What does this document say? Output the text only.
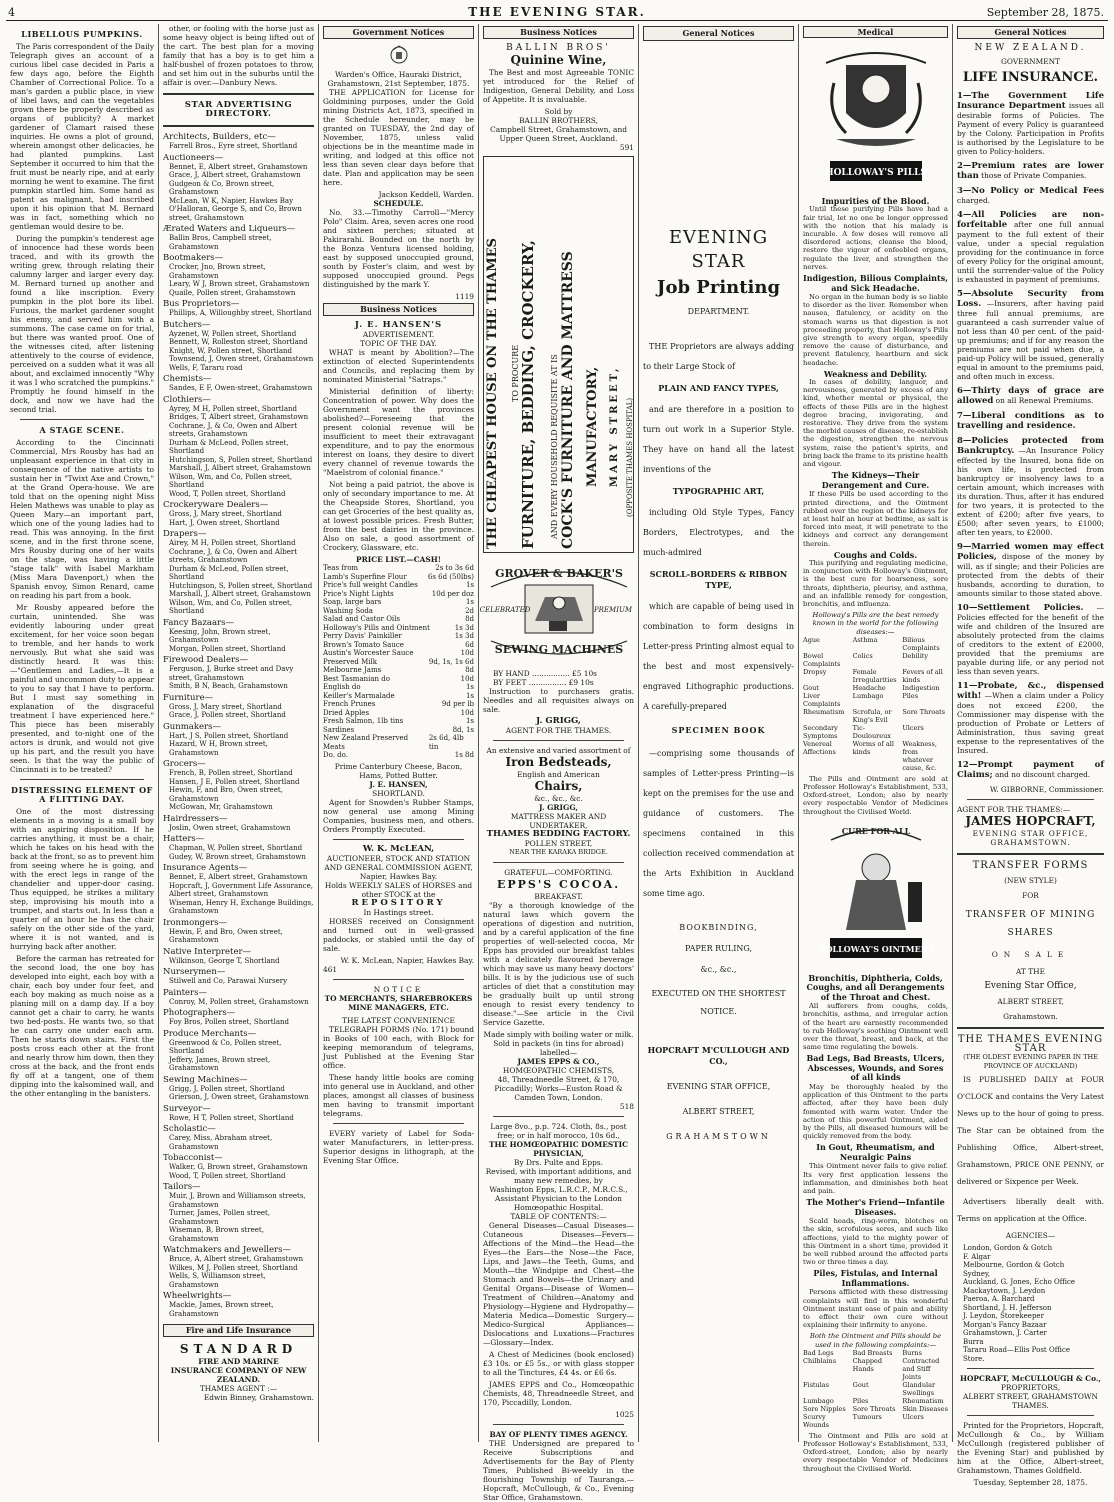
4	THE EVENING STAR.	September 28, 1875.
LIBELLOUS PUMPKINS.

The Paris correspondent of the Daily Telegraph gives an account of a curious libel case decided in Paris a few days ago, before the Eighth Chamber of Correctional Police. To a man's garden a public place, in view of libel laws, and can the vegetables grown there be properly described as organs of publicity? A market gardener of Clamart raised these inquiries. He owns a plot of ground, wherein amongst other delicacies, he had planted pumpkins. Last September it occurred to him that the fruit must be nearly ripe, and at early morning he went to examine. The first pumpkin startled him. Some hand as patent as malignant, had inscribed upon it his opinion that M. Bernard was in fact, something which no gentleman would desire to be.

During the pumpkin's tenderest age of innocence had these words been traced, and with its growth the writing grew, through relating their calumny larger and larger every day. M. Bernard turned up another and found a like inscription. Every pumpkin in the plot bore its libel. Furious, the market gardener sought his enemy, and served him with a summons. The case came on for trial, but there was wanted proof. One of the witnesses cited, after listening attentively to the course of evidence, perceived on a sudden what it was all about, and exclaimed innocently "Why it was I who scratched the pumpkins." Promptly he found himself in the dock, and now we have had the second trial.

A STAGE SCENE.

According to the Cincinnati Commercial, Mrs Rousby has had an unpleasant experience in that city in consequence of the native artists to sustain her in "Twixt Axe and Crown," at the Grand Opera-house. We are told that on the opening night Miss Helen Mathews was unable to play as Queen Mary—an important part, which one of the young ladies had to read. This was annoying. In the first scene, and in the first throne scene, Mrs Rousby during one of her waits on the stage, was having a little "stage talk" with Isabel Markham (Miss Mara Davenport,) when the Spanish envoy, Simon Renard, came on reading his part from a book.

Mr Rousby appeared before the curtain, unintended. She was evidently labouring under great excitement, for her voice soon began to tremble, and her hands to work nervously. But what she said was distinctly heard. It was this:—"Gentlemen and Ladies,—It is a painful and uncommon duty to appear to you to say that I have to perform. But I must say something in explanation of the disgraceful treatment I have experienced here." This piece has been miserably presented, and to-night one of the actors is drunk, and would not give up his part, and the result you have seen. Is that the way the public of Cincinnati is to be treated?

DISTRESSING ELEMENT OF A FLITTING DAY.

One of the most distressing elements in a moving is a small boy with an aspiring disposition. If he carries anything, it must be a chair, which he takes on his head with the back at the front, so as to prevent him from seeing where he is going, and with the erect legs in range of the chandelier and upper-door casing. Thus equipped, he strikes a military step, improvising his mouth into a trumpet, and starts out. In less than a quarter of an hour he has the chair safely on the other side of the yard, where it is not wanted, and is hurrying back after another.

Before the carman has retreated for the second load, the one boy has developed into eight, each boy with a chair, each boy under four feet, and each boy making as much noise as a planing mill on a damp day. If a boy cannot get a chair to carry, he wants two bed-posts. He wants two, so that he can carry one under each arm. Then he starts down stairs. First the posts cross each other at the front and nearly throw him down, then they cross at the back, and the front ends fly off at a tangent, one of them dipping into the kalsomined wall, and the other entangling in the banisters.

other, or fooling with the horse just as some heavy object is being lifted out of the cart. The best plan for a moving family that has a boy is to get him a half-bushel of frozen potatoes to throw, and set him out in the suburbs until the affair is over.—Danbury News.

STAR ADVERTISING DIRECTORY.
Architects, Builders, etc—
Farrell Bros., Eyre street, Shortland
Auctioneers—
Bennet, E, Albert street, Grahamstown
Grace, J, Albert street, Grahamstown
Gudgeon & Co, Brown street, Grahamstown
McLean, W K, Napier, Hawkes Bay
O'Halloran, George S, and Co, Brown street, Grahamstown
Ærated Waters and Liqueurs—
Ballin Bros, Campbell street, Grahamstown
Bootmakers—
Crocker, Jno, Brown street, Grahamstown
Leary, W J, Brown street, Grahamstown
Quaile, Pollen street, Grahamstown
Bus Proprietors—
Phillips, A, Willoughby street, Shortland
Butchers—
Ayzenet, W, Pollen street, Shortland
Bennett, W, Rolleston street, Shortland
Knight, W, Pollen street, Shortland
Townsend, J, Owen street, Grahamstown
Wells, F, Tararu road
Chemists—
Sandes, E F, Owen-street, Grahamstown
Clothiers—
Ayrey, M H, Pollen street, Shortland
Bridges, T, Albert street, Grahamstown
Cochrane, J, & Co, Owen and Albert streets, Grahamstown
Durham & McLeod, Pollen street, Shortland
Hutchingson, S, Pollen street, Shortland
Marshall, J, Albert street, Grahamstown
Wilson, Wm, and Co, Pollen street, Shortland
Wood, T, Pollen street, Shortland
Crockeryware Dealers—
Gross, J, Mary street, Shortland
Hart, J, Owen street, Shortland
Drapers—
Airey, M H, Pollen street, Shortland
Cochrane, J, & Co, Owen and Albert streets, Grahamstown
Durham & McLeod, Pollen street, Shortland
Hutchingson, S, Pollen street, Shortland
Marshall, J, Albert street, Grahamstown
Wilson, Wm, and Co, Pollen street, Shortland
Fancy Bazaars—
Keesing, John, Brown street, Grahamstown
Morgan, Pollen street, Shortland
Firewood Dealers—
Ferguson, J, Burke street and Davy street, Grahamstown
Smith, B N, Beach, Grahamstown
Furniture—
Gross, J, Mary street, Shortland
Grace, J, Pollen street, Shortland
Gunmakers—
Hart, J S, Pollen street, Shortland
Hazard, W H, Brown street, Grahamstown
Grocers—
French, B, Pollen street, Shortland
Hansen, J E, Pollen street, Shortland
Hewin, F, and Bro, Owen street, Grahamstown
McGowan, Mr, Grahamstown
Hairdressers—
Joslin, Owen street, Grahamstown
Hatters—
Chapman, W, Pollen street, Shortland
Gudey, W, Brown street, Grahamstown
Insurance Agents—
Bennet, E, Albert street, Grahamstown
Hopcraft, J, Government Life Assurance, Albert street, Grahamstown
Wiseman, Henry H, Exchange Buildings, Grahamstown
Ironmongers—
Hewin, F, and Bro, Owen street, Grahamstown
Native Interpreter—
Wilkinson, George T, Shortland
Nurserymen—
Stilwell and Co, Parawai Nursery
Painters—
Conroy, M, Pollen street, Grahamstown
Photographers—
Foy Bros, Pollen street, Shortland
Produce Merchants—
Greenwood & Co, Pollen street, Shortland
Jeffery, James, Brown street, Grahamstown
Sewing Machines—
Grigg, J, Pollen street, Shortland
Grierson, J, Owen street, Grahamstown
Surveyor—
Rowe, H T, Pollen street, Shortland
Scholastic—
Carey, Miss, Abraham street, Grahamstown
Tobacconist—
Walker, G, Brown street, Grahamstown
Wood, T, Pollen street, Shortland
Tailors—
Muir, J, Brown and Williamson streets, Grahamstown
Turner, James, Pollen street, Grahamstown
Wiseman, B, Brown street, Grahamstown
Watchmakers and Jewellers—
Bruce, A, Albert street, Grahamstown
Wilkes, M J, Pollen street, Shortland
Wells, S, Williamson street, Grahamstown
Wheelwrights—
Mackie, James, Brown street, Grahamstown
Fire and Life Insurance
STANDARD
FIRE AND MARINE
INSURANCE COMPANY OF NEW ZEALAND.
THAMES AGENT :—
Edwin Binney, Grahamstown.
Government Notices
Warden's Office, Hauraki District, Grahamstown, 21st September, 1875.

THE APPLICATION for License for Goldmining purposes, under the Gold mining Districts Act, 1873, specified in the Schedule hereunder, may be granted on TUESDAY, the 2nd day of November, 1875, unless valid objections be in the meantime made in writing, and lodged at this office not less than seven clear days before that date. Plan and application may be seen here.

Jackson Keddell, Warden.
SCHEDULE.

No. 33.—Timothy Carroll—"Mercy Polo" Claim. Area, seven acres one rood and sixteen perches; situated at Pakirarahi. Bounded on the north by the Bonza Ventura licensed holding, east by supposed unoccupied ground, south by Foster's claim, and west by supposed unoccupied ground. Pegs distinguished by the mark Y.

1119
Business Notices
J. E. HANSEN'S
ADVERTISEMENT.
TOPIC OF THE DAY.

WHAT is meant by Abolition?—The extinction of elected Superintendents and Councils, and replacing them by nominated Ministerial "Satraps."

Ministerial definition of liberty: Concentration of power. Why does the Government want the provinces abolished?—Foreseeing that the present colonial revenue will be insufficient to meet their extravagant expenditure, and to pay the enormous interest on loans, they desire to divert every channel of revenue towards the "Maelstrom of colonial finance."

Not being a paid patriot, the above is only of secondary importance to me. At the Cheapside Stores, Shortland, you can get Groceries of the best quality as, at lowest possible prices. Fresh Butter, from the best dairies in the province. Also on sale, a good assortment of Crockery, Glassware, etc.

PRICE LIST.—CASH!
Teas from	2s to 3s 6d
Lamb's Superfine Flour	6s 6d (50lbs)
Price's full weight Candles	1s
Price's Night Lights	10d per doz
Soap, large bars	1s
Washing Soda	2d
Salad and Castor Oils	8d
Holloway's Pills and Ointment	1s 3d
Perry Davis' Painkiller	1s 3d
Brown's Tomato Sauce	6d
Austin's Worcester Sauce	10d
Preserved Milk	9d, 1s, 1s 6d
Melbourne Jams	8d
Best Tasmanian do	10d
English do	1s
Keiller's Marmalade	1s
French Prunes	9d per lb
Dried Apples	10d
Fresh Salmon, 1lb tins	1s
Sardines	8d, 1s
New Zealand Preserved Meats
2s 6d, 4lb tin
Do. do.	1s 8d
Prime Canterbury Cheese, Bacon, Hams, Potted Butter.
J. E. HANSEN,
SHORTLAND.

Agent for Snowden's Rubber Stamps, now general use among Mining Companies, business men, and others. Orders Promptly Executed.

W. K. McLEAN,
AUCTIONEER, STOCK AND STATION AND GENERAL COMMISSION AGENT,
Napier, Hawkes Bay.
Holds WEEKLY SALES of HORSES and other STOCK at the
REPOSITORY
In Hastings street.

HORSES received on Consignment and turned out in well-grassed paddocks, or stabled until the day of sale.

W. K. McLean, Napier, Hawkes Bay.
461
NOTICE
TO MERCHANTS, SHAREBROKERS MINE MANAGERS, ETC.
THE LATEST CONVENIENCE

TELEGRAPH FORMS (No. 171) bound in Books of 100 each, with Block for keeping memorandum of telegrams, Just Published at the Evening Star office.

These handy little books are coming into general use in Auckland, and other places, amongst all classes of business men having to transmit important telegrams.

EVERY variety of Label for Soda-water Manufacturers, in letter-press. Superior designs in lithograph, at the Evening Star Office.

Business Notices
BALLIN BROS'
Quinine Wine,

The Best and most Agreeable TONIC yet introduced for the Relief of Indigestion, General Debility, and Loss of Appetite. It is invaluable.

Sold by
BALLIN BROTHERS,
Campbell Street, Grahamstown, and
Upper Queen Street, Auckland.
591
THE CHEAPEST HOUSE ON THE THAMES TO PROCURE FURNITURE, BEDDING, CROCKERY, AND EVERY HOUSEHOLD REQUISITE AT IS COCK'S FURNITURE AND MATTRESS MANUFACTORY, MARY STREET, (OPPOSITE THAMES HOSPITAL)
GROVER & BAKER'S
CELEBRATED	PREMIUM
SEWING MACHINES
BY HAND ................ £5 10s
BY FEET ................ £9 10s

Instruction to purchasers gratis. Needles and all requisites always on sale.

J. GRIGG,
AGENT FOR THE THAMES.
An extensive and varied assortment of
Iron Bedsteads,
English and American
Chairs,
&c., &c., &c.
J. GRIGG,
MATTRESS MAKER AND UNDERTAKER,
THAMES BEDDING FACTORY.
POLLEN STREET,
NEAR THE KARAKA BRIDGE.
GRATEFUL—COMFORTING.
EPPS'S COCOA.
BREAKFAST.

"By a thorough knowledge of the natural laws which govern the operations of digestion and nutrition, and by a careful application of the fine properties of well-selected cocoa, Mr Epps has provided our breakfast tables with a delicately flavoured beverage which may save us many heavy doctors' bills. It is by the judicious use of such articles of diet that a constitution may be gradually built up until strong enough to resist every tendency to disease."—See article in the Civil Service Gazette.

Made simply with boiling water or milk.
Sold in packets (in tins for abroad) labelled—
JAMES EPPS & CO.,
HOMŒOPATHIC CHEMISTS,
48, Threadneedle Street, & 170, Piccadilly; Works—Euston Road & Camden Town, London.
518
Large 8vo., p.p. 724. Cloth, 8s., post free; or in half morocco, 10s 6d.,
THE HOMŒOPATHIC DOMESTIC PHYSICIAN,
By Drs. Pulte and Epps.
Revised, with important additions, and many new remedies, by
Washington Epps, L.R.C.P., M.R.C.S.,
Assistant Physician to the London Homœopathic Hospital.
TABLE OF CONTENTS:—

General Diseases—Casual Diseases—Cutaneous Diseases—Fevers—Affections of the Mind—the Head—the Eyes—the Ears—the Nose—the Face, Lips, and Jaws—the Teeth, Gums, and Mouth—the Windpipe and Chest—the Stomach and Bowels—the Urinary and Genital Organs—Disease of Women—Treatment of Children—Anatomy and Physiology—Hygiene and Hydropathy—Materia Medica—Domestic Surgery—Medico-Surgical Appliances—Dislocations and Luxations—Fractures—Glossary—Index.

A Chest of Medicines (book enclosed) £3 10s. or £5 5s., or with glass stopper to all the Tinctures, £4 4s. or £6 6s.

JAMES EPPS and Co., Homœopathic Chemists, 48, Threadneedle Street, and 170, Piccadilly, London.

1025
BAY OF PLENTY TIMES AGENCY.

THE Undersigned are prepared to Receive Subscriptions and Advertisements for the Bay of Plenty Times, Published Bi-weekly in the flourishing Township of Tauranga.—Hopcraft, McCullough, & Co., Evening Star Office, Grahamstown.

General Notices
EVENING STAR
Job Printing
DEPARTMENT.

THE Proprietors are always adding to their Large Stock of

PLAIN AND FANCY TYPES,

and are therefore in a position to turn out work in a Superior Style. They have on hand all the latest inventions of the

TYPOGRAPHIC ART,

including Old Style Types, Fancy Borders, Electrotypes, and the much-admired

SCROLL-BORDERS & RIBBON TYPE,

which are capable of being used in combination to form designs in Letter-press Printing almost equal to the best and most expensively-engraved Lithographic productions. A carefully-prepared

SPECIMEN BOOK

—comprising some thousands of samples of Letter-press Printing—is kept on the premises for the use and guidance of customers. The specimens contained in this collection received commendation at the Arts Exhibition in Auckland some time ago.

BOOKBINDING,
PAPER RULING,
&c., &c.,
EXECUTED ON THE SHORTEST NOTICE.
HOPCRAFT M'CULLOUGH AND CO.,
EVENING STAR OFFICE,
ALBERT STREET,
GRAHAMSTOWN
Medical
HOLLOWAY'S PILLS
Impurities of the Blood.

Until these purifying Pills have had a fair trial, let no one be longer oppressed with the notion that his malady is incurable. A few doses will remove all disordered actions, cleanse the blood, restore the vigour of enfeebled organs, regulate the liver, and strengthen the nerves.

Indigestion, Bilious Complaints, and Sick Headache.

No organ in the human body is so liable to disorder as the liver. Remember when nausea, flatulency, or acidity on the stomach warns us that digestion is not proceeding properly, that Holloway's Pills give strength to every organ, speedily remove the cause of disturbance, and prevent flatulency, heartburn and sick headache.

Weakness and Debility.

In cases of debility, languor, and nervousness, generated by excess of any kind, whether mental or physical, the effects of these Pills are in the highest degree bracing, invigorating, and restorative. They drive from the system the morbid causes of disease, re-establish the digestion, strengthen the nervous system, raise the patient's spirits, and bring back the frame to its pristine health and vigour.

The Kidneys—Their Derangement and Cure.

If these Pills be used according to the printed directions, and the Ointment rubbed over the region of the kidneys for at least half an hour at bedtime, as salt is forced into meat, it will penetrate to the kidneys and correct any derangement therein.

Coughs and Colds.

This purifying and regulating medicine, in conjunction with Holloway's Ointment, is the best cure for hoarseness, sore throats, diphtheria, pleurisy, and asthma, and an infallible remedy for congestion, bronchitis, and influenza.

Holloway's Pills are the best remedy known in the world for the following diseases:—
Ague	Asthma	Bilious Complaints
Bowel Complaints
Colics	Debility
Dropsy	Female Irregularities
Fevers of all kinds
Gout	Headache	Indigestion
Liver Complaints
Lumbago	Piles
Rheumatism	Scrofula, or King's Evil
Sore Throats
Secondary Symptoms
Tic-Douloureux
Ulcers
Venereal Affections
Worms of all kinds
Weakness, from whatever cause, &c.

The Pills and Ointment are sold at Professor Holloway's Establishment, 533, Oxford-street, London; also by nearly every respectable Vendor of Medicines throughout the Civilised World.

CURE FOR ALL
HOLLOWAY'S OINTMENT
Bronchitis, Diphtheria, Colds, Coughs, and all Derangements of the Throat and Chest.

All sufferers from coughs, colds, bronchitis, asthma, and irregular action of the heart are earnestly recommended to rub Holloway's soothing Ointment well over the throat, breast, and back, at the same time regulating the bowels.

Bad Legs, Bad Breasts, Ulcers, Abscesses, Wounds, and Sores of all kinds

May be thoroughly healed by the application of this Ointment to the parts affected, after they have been duly fomented with warm water. Under the action of this powerful Ointment, aided by the Pills, all diseased humours will be quickly removed from the body.

In Gout, Rheumatism, and Neuralgic Pains

This Ointment never fails to give relief. Its very first application lessens the inflammation, and diminishes both heat and pain.

The Mother's Friend—Infantile Diseases.

Scald heads, ring-worm, blotches on the skin, scrofulous sores, and such like affections, yield to the mighty power of this Ointment in a short time, provided it be well rubbed around the affected parts two or three times a day.

Piles, Fistulas, and Internal Inflammations.

Persons afflicted with these distressing complaints will find in this wonderful Ointment instant ease of pain and ability to effect their own cure without explaining their infirmity to anyone.

Both the Ointment and Pills should be used in the following complaints:—
Bad Legs	Bad Breasts	Burns
Chilblains	Chapped Hands
Contracted and Stiff Joints
Fistulas	Gout	Glandular Swellings
Lumbago	Piles	Rheumatism
Sore Nipples	Sore Throats	Skin Diseases
Scurvy	Tumours	Ulcers
Wounds

The Ointment and Pills are sold at Professor Holloway's Establishment, 533, Oxford-street, London; also by nearly every respectable Vendor of Medicines throughout the Civilised World.

General Notices
NEW ZEALAND.
GOVERNMENT
LIFE INSURANCE.
1—The Government Life Insurance Department issues all desirable forms of Policies. The Payment of every Policy is guaranteed by the Colony. Participation in Profits is authorised by the Legislature to be given to Policy-holders.
2—Premium rates are lower than those of Private Companies.
3—No Policy or Medical Fees charged.
4—All Policies are non-forfeitable after one full annual payment to the full extent of their value, under a special regulation providing for the continuance in force of every Policy for the original amount, until the surrender-value of the Policy is exhausted in payment of premiums.
5—Absolute Security from Loss. —Insurers, after having paid three full annual premiums, are guaranteed a cash surrender value of not less than 40 per cent. of the paid-up premiums; and if for any reason the premiums are not paid when due, a paid-up Policy will be issued, generally equal in amount to the premiums paid, and often much in excess.
6—Thirty days of grace are allowed on all Renewal Premiums.
7—Liberal conditions as to travelling and residence.
8—Policies protected from Bankruptcy. —An Insurance Policy effected by the Insured, bona fide on his own life, is protected from bankruptcy or insolvency laws to a certain amount, which increases with its duration. Thus, after it has endured for two years, it is protected to the extent of £200; after five years, to £500; after seven years, to £1000; after ten years, to £2000.
9—Married women may effect Policies, dispose of the money by will, as if single; and their Policies are protected from the debts of their husbands, according to duration, to amounts similar to those stated above.
10—Settlement Policies. —Policies effected for the benefit of the wife and children of the Insured are absolutely protected from the claims of creditors to the extent of £2000, provided that the premiums are payable during life, or any period not less than seven years.
11—Probate, &c., dispensed with! —When a claim under a Policy does not exceed £200, the Commissioner may dispense with the production of Probate or Letters of Administration, thus saving great expense to the representatives of the Insured.
12—Prompt payment of Claims; and no discount charged.
W. GIBBORNE, Commissioner.
AGENT FOR THE THAMES:—
JAMES HOPCRAFT,
EVENING STAR OFFICE, GRAHAMSTOWN.
TRANSFER FORMS
(NEW STYLE)
FOR
TRANSFER OF MINING SHARES
ON SALE
AT THE
Evening Star Office,
ALBERT STREET,
Grahamstown.
THE THAMES EVENING STAR
(THE OLDEST EVENING PAPER IN THE PROVINCE OF AUCKLAND)

IS PUBLISHED DAILY at FOUR O'CLOCK and contains the Very Latest News up to the hour of going to press. The Star can be obtained from the Publishing Office, Albert-street, Grahamstown, PRICE ONE PENNY, or delivered or Sixpence per Week.

Advertisers liberally dealt with. Terms on application at the Office.

AGENCIES—
London, Gordon & Gotch
F. Algar
Melbourne, Gordon & Gotch
Sydney,
Auckland, G. Jones, Echo Office
Mackaytown, J. Leydon
Paeroa, A. Barchard
Shortland, J. H. Jefferson
J. Leydon, Storekeeper
Morgan's Fancy Bazaar
Grahamstown, J. Carter
Burra
Tararu Road—Ellis Post Office
Store.
HOPCRAFT, McCULLOUGH & Co.,
PROPRIETORS,
ALBERT STREET, GRAHAMSTOWN THAMES.

Printed for the Proprietors, Hopcraft, McCullough & Co., by William McCullough (registered publisher of the Evening Star) and published by him at the Office, Albert-street, Grahamstown, Thames Goldfield.

Tuesday, September 28, 1875.
